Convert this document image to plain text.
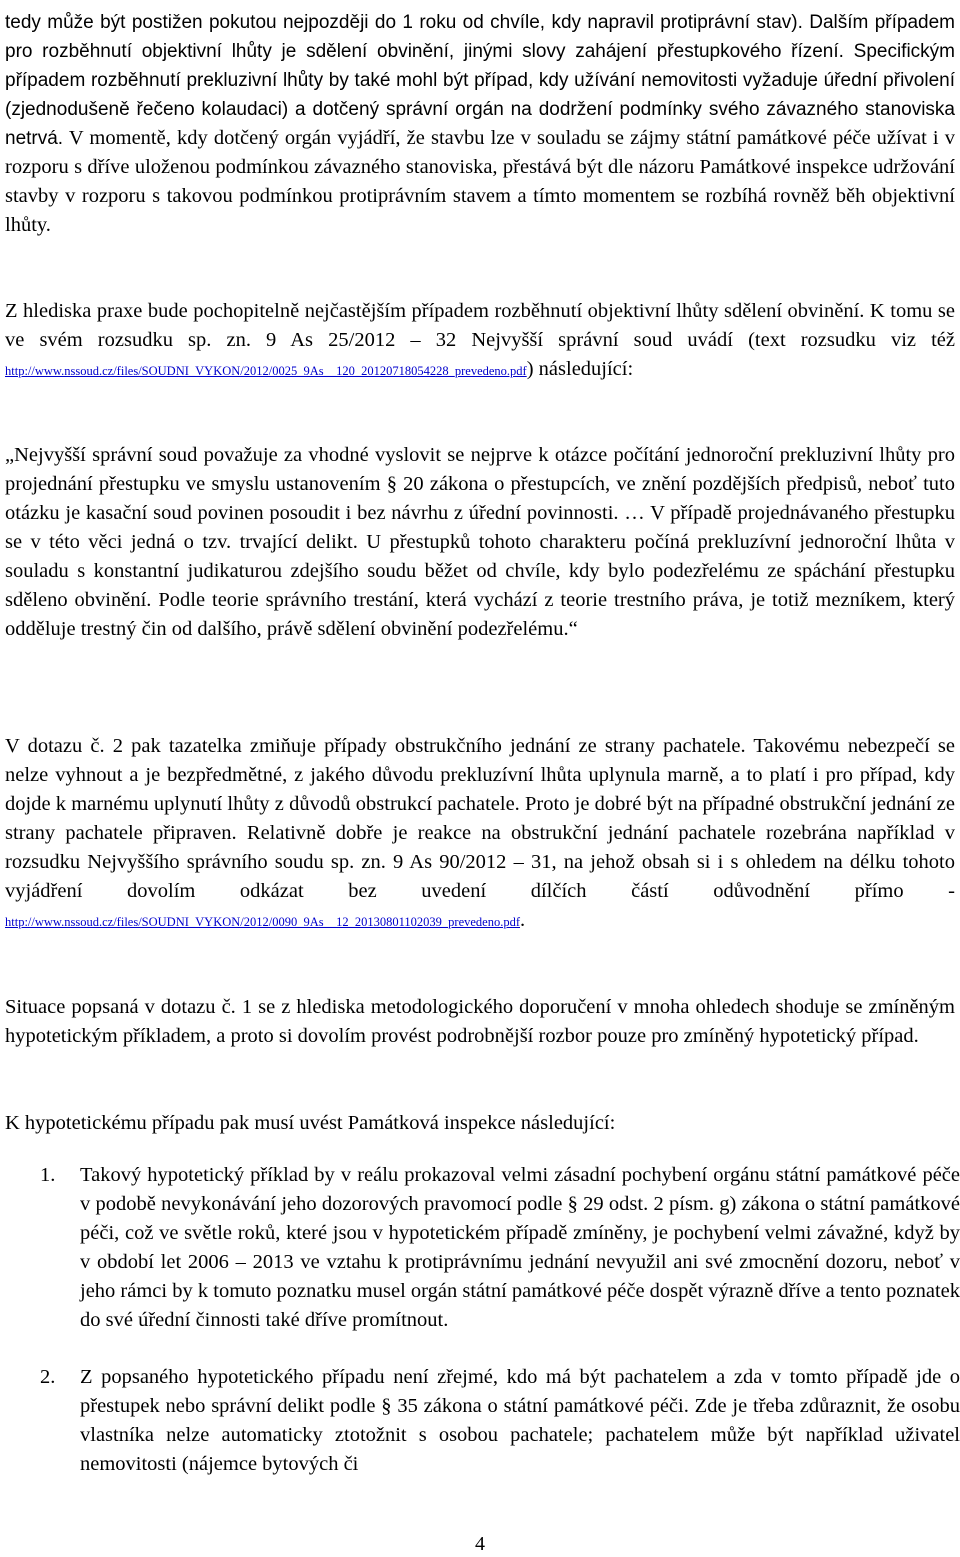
tedy může být postižen pokutou nejpozději do 1 roku od chvíle, kdy napravil protiprávní stav). Dalším případem pro rozběhnutí objektivní lhůty je sdělení obvinění, jinými slovy zahájení přestupkového řízení. Specifickým případem rozběhnutí prekluzivní lhůty by také mohl být případ, kdy užívání nemovitosti vyžaduje úřední přivolení (zjednodušeně řečeno kolaudaci) a dotčený správní orgán na dodržení podmínky svého závazného stanoviska netrvá. V momentě, kdy dotčený orgán vyjádří, že stavbu lze v souladu se zájmy státní památkové péče užívat i v rozporu s dříve uloženou podmínkou závazného stanoviska, přestává být dle názoru Památkové inspekce udržování stavby v rozporu s takovou podmínkou protiprávním stavem a tímto momentem se rozbíhá rovněž běh objektivní lhůty.

Z hlediska praxe bude pochopitelně nejčastějším případem rozběhnutí objektivní lhůty sdělení obvinění. K tomu se ve svém rozsudku sp. zn. 9 As 25/2012 – 32 Nejvyšší správní soud uvádí (text rozsudku viz též http://www.nssoud.cz/files/SOUDNI_VYKON/2012/0025_9As__120_20120718054228_prevedeno.pdf) následující:

„Nejvyšší správní soud považuje za vhodné vyslovit se nejprve k otázce počítání jednoroční prekluzivní lhůty pro projednání přestupku ve smyslu ustanovením § 20 zákona o přestupcích, ve znění pozdějších předpisů, neboť tuto otázku je kasační soud povinen posoudit i bez návrhu z úřední povinnosti. … V případě projednávaného přestupku se v této věci jedná o tzv. trvající delikt. U přestupků tohoto charakteru počíná prekluzívní jednoroční lhůta v souladu s konstantní judikaturou zdejšího soudu běžet od chvíle, kdy bylo podezřelému ze spáchání přestupku sděleno obvinění. Podle teorie správního trestání, která vychází z teorie trestního práva, je totiž mezníkem, který odděluje trestný čin od dalšího, právě sdělení obvinění podezřelému.“

V dotazu č. 2 pak tazatelka zmiňuje případy obstrukčního jednání ze strany pachatele. Takovému nebezpečí se nelze vyhnout a je bezpředmětné, z jakého důvodu prekluzívní lhůta uplynula marně, a to platí i pro případ, kdy dojde k marnému uplynutí lhůty z důvodů obstrukcí pachatele. Proto je dobré být na případné obstrukční jednání ze strany pachatele připraven. Relativně dobře je reakce na obstrukční jednání pachatele rozebrána například v rozsudku Nejvyššího správního soudu sp. zn. 9 As 90/2012 – 31, na jehož obsah si i s ohledem na délku tohoto vyjádření dovolím odkázat bez uvedení dílčích částí odůvodnění přímo - http://www.nssoud.cz/files/SOUDNI_VYKON/2012/0090_9As__12_20130801102039_prevedeno.pdf.

Situace popsaná v dotazu č. 1 se z hlediska metodologického doporučení v mnoha ohledech shoduje se zmíněným hypotetickým příkladem, a proto si dovolím provést podrobnější rozbor pouze pro zmíněný hypotetický případ.

K hypotetickému případu pak musí uvést Památková inspekce následující:

1. Takový hypotetický příklad by v reálu prokazoval velmi zásadní pochybení orgánu státní památkové péče v podobě nevykonávání jeho dozorových pravomocí podle § 29 odst. 2 písm. g) zákona o státní památkové péči, což ve světle roků, které jsou v hypotetickém případě zmíněny, je pochybení velmi závažné, když by v období let 2006 – 2013 ve vztahu k protiprávnímu jednání nevyužil ani své zmocnění dozoru, neboť v jeho rámci by k tomuto poznatku musel orgán státní památkové péče dospět výrazně dříve a tento poznatek do své úřední činnosti také dříve promítnout.

2. Z popsaného hypotetického případu není zřejmé, kdo má být pachatelem a zda v tomto případě jde o přestupek nebo správní delikt podle § 35 zákona o státní památkové péči. Zde je třeba zdůraznit, že osobu vlastníka nelze automaticky ztotožnit s osobou pachatele; pachatelem může být například uživatel nemovitosti (nájemce bytových či

4
